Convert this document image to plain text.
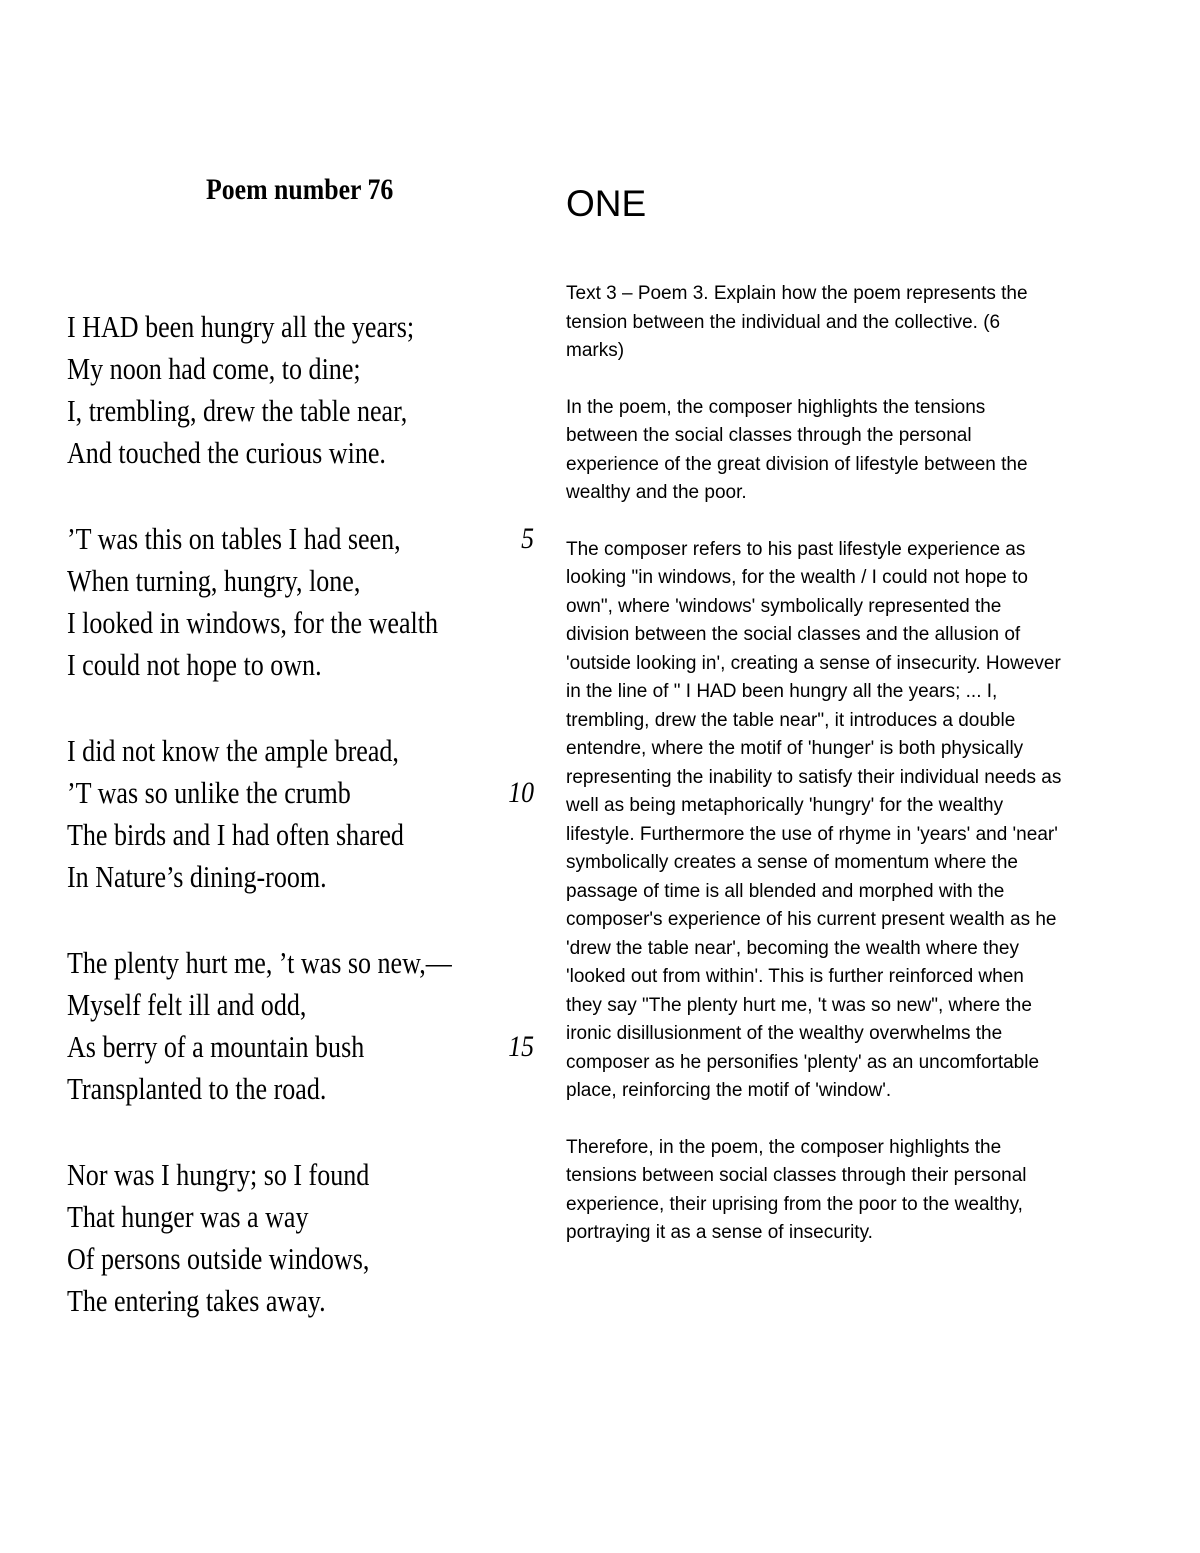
Poem number 76

I HAD been hungry all the years;

My noon had come, to dine;

I, trembling, drew the table near,

And touched the curious wine.

’T was this on tables I had seen,

When turning, hungry, lone,

I looked in windows, for the wealth

I could not hope to own.

I did not know the ample bread,

’T was so unlike the crumb

The birds and I had often shared

In Nature’s dining-room.

The plenty hurt me, ’t was so new,—

Myself felt ill and odd,

As berry of a mountain bush

Transplanted to the road.

Nor was I hungry; so I found

That hunger was a way

Of persons outside windows,

The entering takes away.

5
10
15
ONE

Text 3 – Poem 3. Explain how the poem represents the tension between the individual and the collective. (6 marks)

In the poem, the composer highlights the tensions between the social classes through the personal experience of the great division of lifestyle between the wealthy and the poor.

The composer refers to his past lifestyle experience as looking "in windows, for the wealth / I could not hope to own", where 'windows' symbolically represented the division between the social classes and the allusion of 'outside looking in', creating a sense of insecurity. However in the line of " I HAD been hungry all the years; ... I, trembling, drew the table near", it introduces a double entendre, where the motif of 'hunger' is both physically representing the inability to satisfy their individual needs as well as being metaphorically 'hungry' for the wealthy lifestyle. Furthermore the use of rhyme in 'years' and 'near' symbolically creates a sense of momentum where the passage of time is all blended and morphed with the composer's experience of his current present wealth as he 'drew the table near', becoming the wealth where they 'looked out from within'. This is further reinforced when they say "The plenty hurt me, 't was so new", where the ironic disillusionment of the wealthy overwhelms the composer as he personifies 'plenty' as an uncomfortable place, reinforcing the motif of 'window'.

Therefore, in the poem, the composer highlights the tensions between social classes through their personal experience, their uprising from the poor to the wealthy, portraying it as a sense of insecurity.
